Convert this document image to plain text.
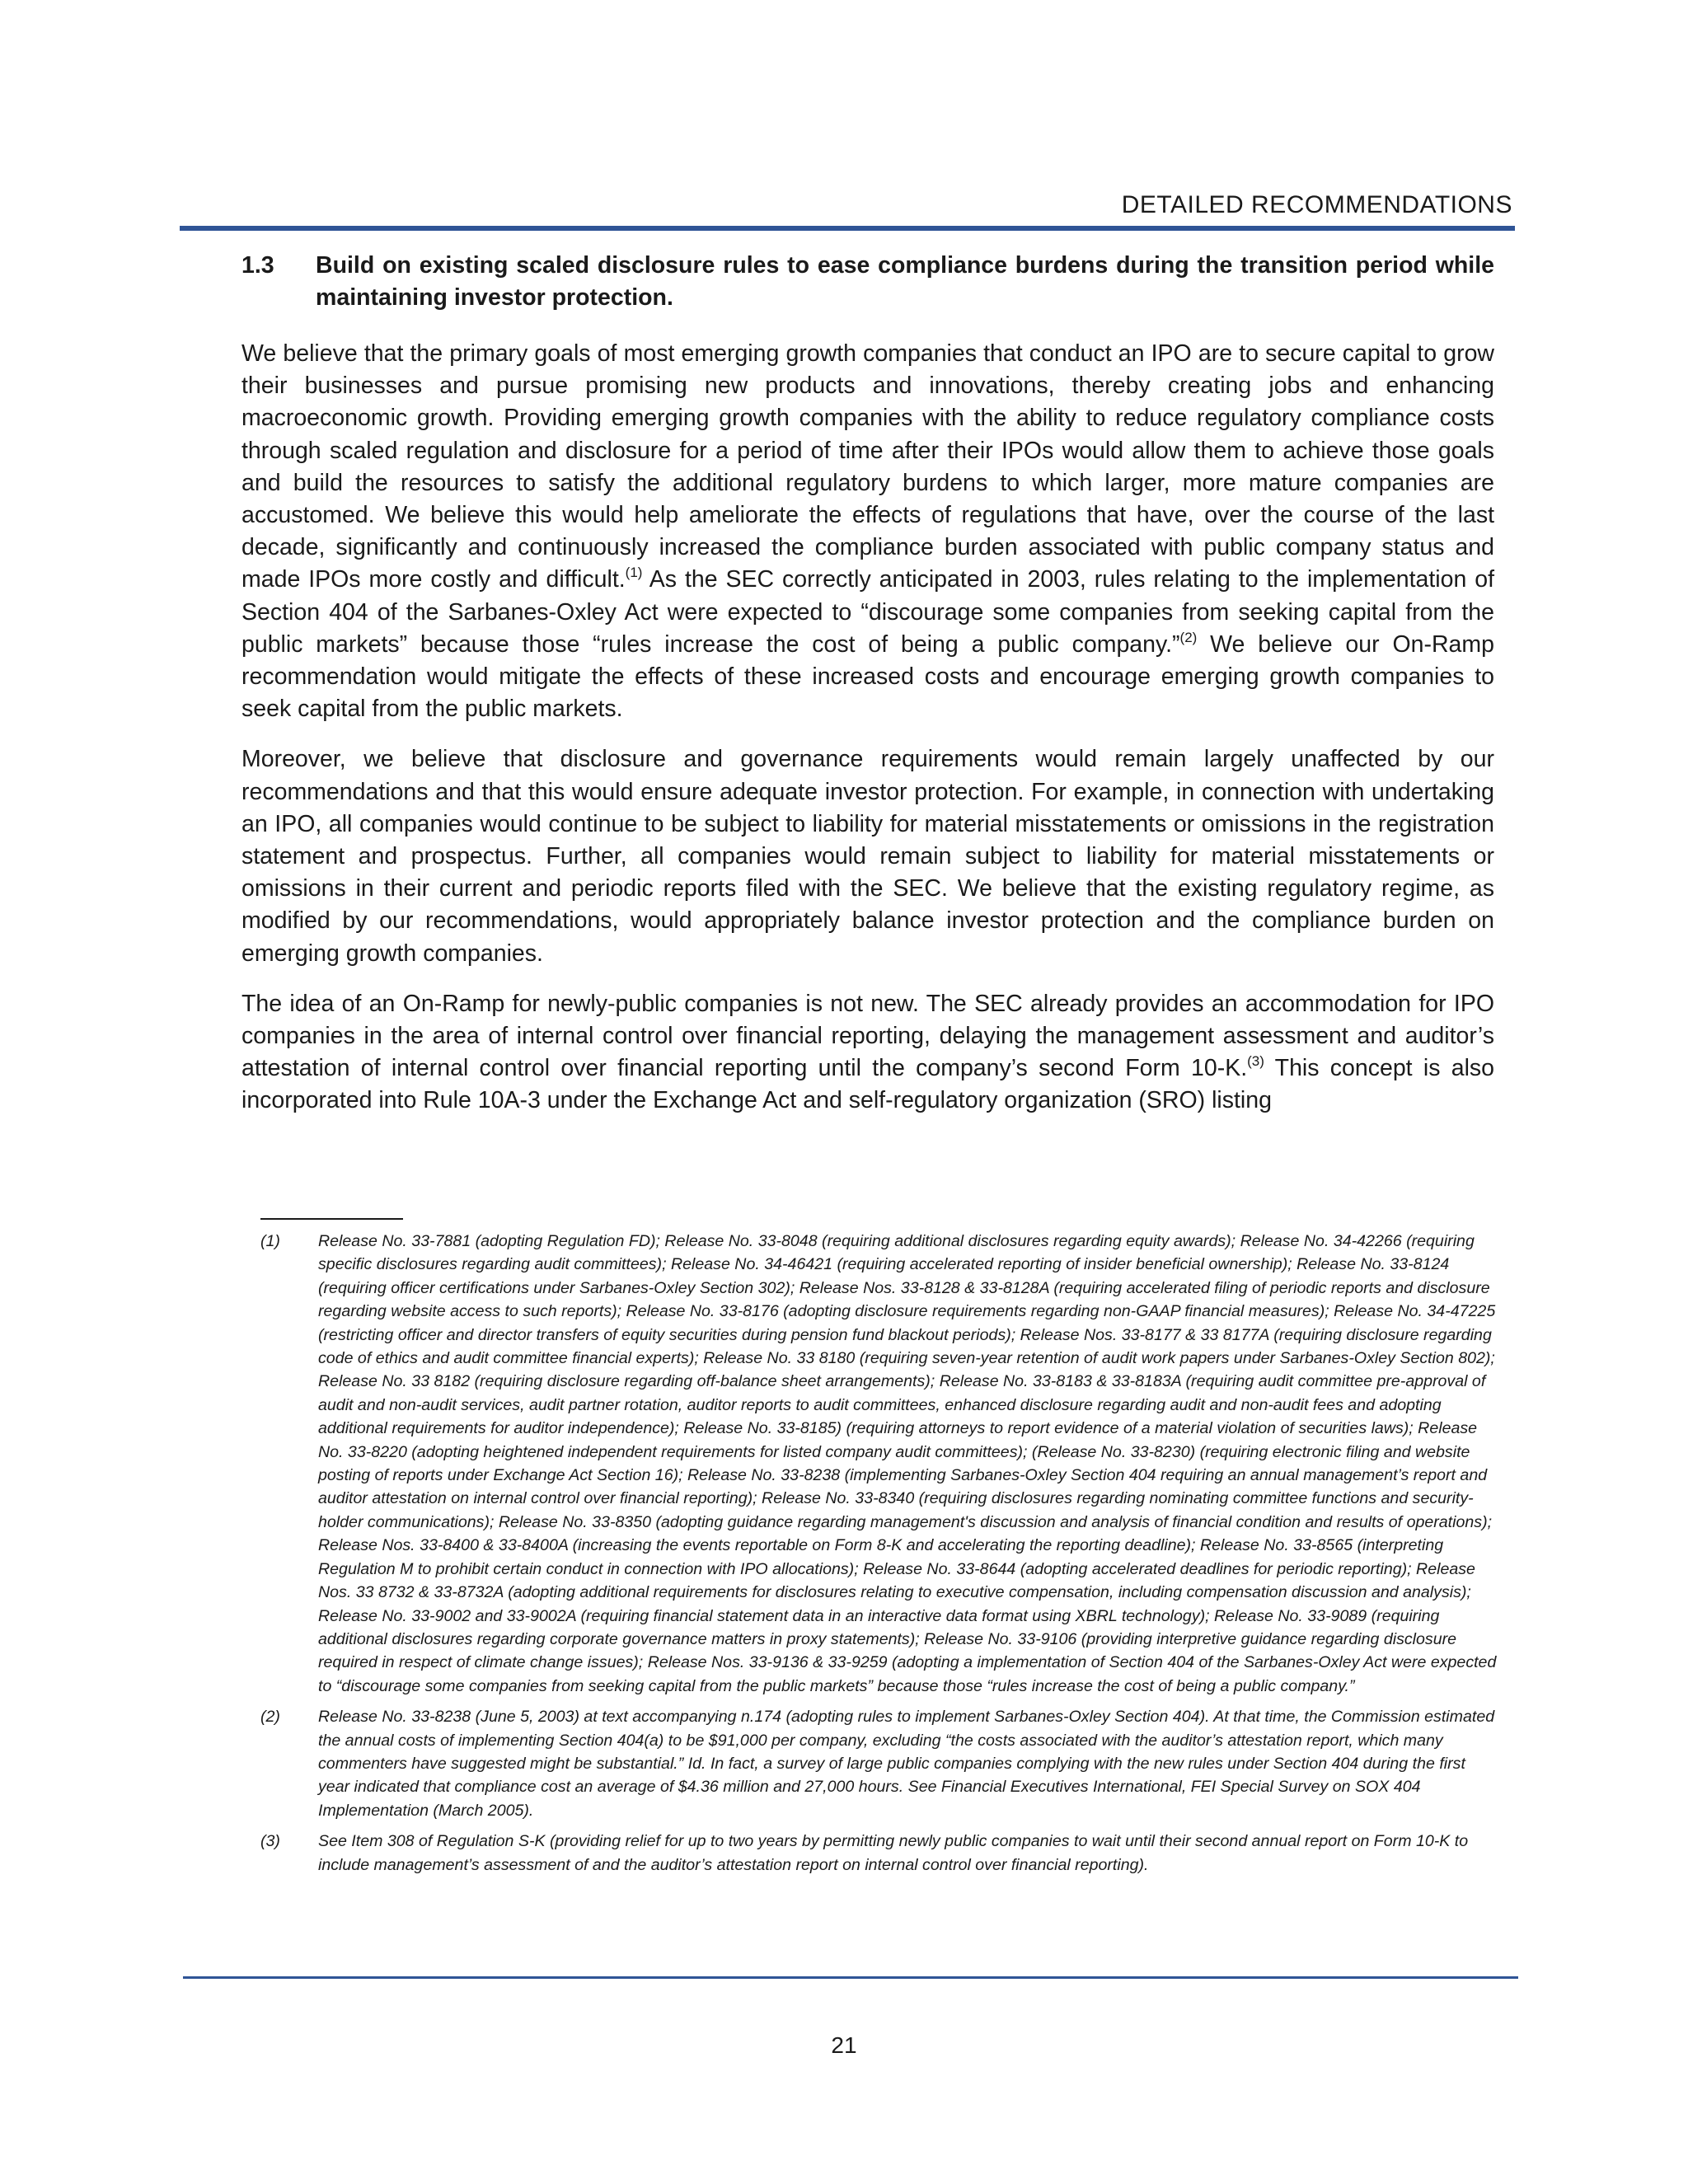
DETAILED RECOMMENDATIONS
1.3	Build on existing scaled disclosure rules to ease compliance burdens during the transition period while maintaining investor protection.

We believe that the primary goals of most emerging growth companies that conduct an IPO are to secure capital to grow their businesses and pursue promising new products and innovations, thereby creating jobs and enhancing macroeconomic growth. Providing emerging growth companies with the ability to reduce regulatory compliance costs through scaled regulation and disclosure for a period of time after their IPOs would allow them to achieve those goals and build the resources to satisfy the additional regulatory burdens to which larger, more mature companies are accustomed. We believe this would help ameliorate the effects of regulations that have, over the course of the last decade, significantly and continuously increased the compliance burden associated with public company status and made IPOs more costly and difficult.$^{(1)}$ As the SEC correctly anticipated in 2003, rules relating to the implementation of Section 404 of the Sarbanes-Oxley Act were expected to “discourage some companies from seeking capital from the public markets” because those “rules increase the cost of being a public company.”$^{(2)}$ We believe our On-Ramp recommendation would mitigate the effects of these increased costs and encourage emerging growth companies to seek capital from the public markets.

Moreover, we believe that disclosure and governance requirements would remain largely unaffected by our recommendations and that this would ensure adequate investor protection. For example, in connection with undertaking an IPO, all companies would continue to be subject to liability for material misstatements or omissions in the registration statement and prospectus. Further, all companies would remain subject to liability for material misstatements or omissions in their current and periodic reports filed with the SEC. We believe that the existing regulatory regime, as modified by our recommendations, would appropriately balance investor protection and the compliance burden on emerging growth companies.

The idea of an On-Ramp for newly-public companies is not new. The SEC already provides an accommodation for IPO companies in the area of internal control over financial reporting, delaying the management assessment and auditor’s attestation of internal control over financial reporting until the company’s second Form 10-K.$^{(3)}$ This concept is also incorporated into Rule 10A-3 under the Exchange Act and self-regulatory organization (SRO) listing

(1)	Release No. 33-7881 (adopting Regulation FD); Release No. 33-8048 (requiring additional disclosures regarding equity awards); Release No. 34-42266 (requiring specific disclosures regarding audit committees); Release No. 34-46421 (requiring accelerated reporting of insider beneficial ownership); Release No. 33-8124 (requiring officer certifications under Sarbanes-Oxley Section 302); Release Nos. 33-8128 & 33-8128A (requiring accelerated filing of periodic reports and disclosure regarding website access to such reports); Release No. 33-8176 (adopting disclosure requirements regarding non-GAAP financial measures); Release No. 34-47225 (restricting officer and director transfers of equity securities during pension fund blackout periods); Release Nos. 33-8177 & 33 8177A (requiring disclosure regarding code of ethics and audit committee financial experts); Release No. 33 8180 (requiring seven-year retention of audit work papers under Sarbanes-Oxley Section 802); Release No. 33 8182 (requiring disclosure regarding off-balance sheet arrangements); Release No. 33-8183 & 33-8183A (requiring audit committee pre-approval of audit and non-audit services, audit partner rotation, auditor reports to audit committees, enhanced disclosure regarding audit and non-audit fees and adopting additional requirements for auditor independence); Release No. 33-8185) (requiring attorneys to report evidence of a material violation of securities laws); Release No. 33-8220 (adopting heightened independent requirements for listed company audit committees); (Release No. 33-8230) (requiring electronic filing and website posting of reports under Exchange Act Section 16); Release No. 33-8238 (implementing Sarbanes-Oxley Section 404 requiring an annual management’s report and auditor attestation on internal control over financial reporting); Release No. 33-8340 (requiring disclosures regarding nominating committee functions and security-holder communications); Release No. 33-8350 (adopting guidance regarding management's discussion and analysis of financial condition and results of operations); Release Nos. 33-8400 & 33-8400A (increasing the events reportable on Form 8-K and accelerating the reporting deadline); Release No. 33-8565 (interpreting Regulation M to prohibit certain conduct in connection with IPO allocations); Release No. 33-8644 (adopting accelerated deadlines for periodic reporting); Release Nos. 33 8732 & 33-8732A (adopting additional requirements for disclosures relating to executive compensation, including compensation discussion and analysis); Release No. 33-9002 and 33-9002A (requiring financial statement data in an interactive data format using XBRL technology); Release No. 33-9089 (requiring additional disclosures regarding corporate governance matters in proxy statements); Release No. 33-9106 (providing interpretive guidance regarding disclosure required in respect of climate change issues); Release Nos. 33-9136 & 33-9259 (adopting a implementation of Section 404 of the Sarbanes-Oxley Act were expected to “discourage some companies from seeking capital from the public markets” because those “rules increase the cost of being a public company.”
(2)	Release No. 33-8238 (June 5, 2003) at text accompanying n.174 (adopting rules to implement Sarbanes-Oxley Section 404). At that time, the Commission estimated the annual costs of implementing Section 404(a) to be $91,000 per company, excluding “the costs associated with the auditor’s attestation report, which many commenters have suggested might be substantial.” Id. In fact, a survey of large public companies complying with the new rules under Section 404 during the first year indicated that compliance cost an average of $4.36 million and 27,000 hours. See Financial Executives International, FEI Special Survey on SOX 404 Implementation (March 2005).
(3)	See Item 308 of Regulation S-K (providing relief for up to two years by permitting newly public companies to wait until their second annual report on Form 10-K to include management’s assessment of and the auditor’s attestation report on internal control over financial reporting).
21
